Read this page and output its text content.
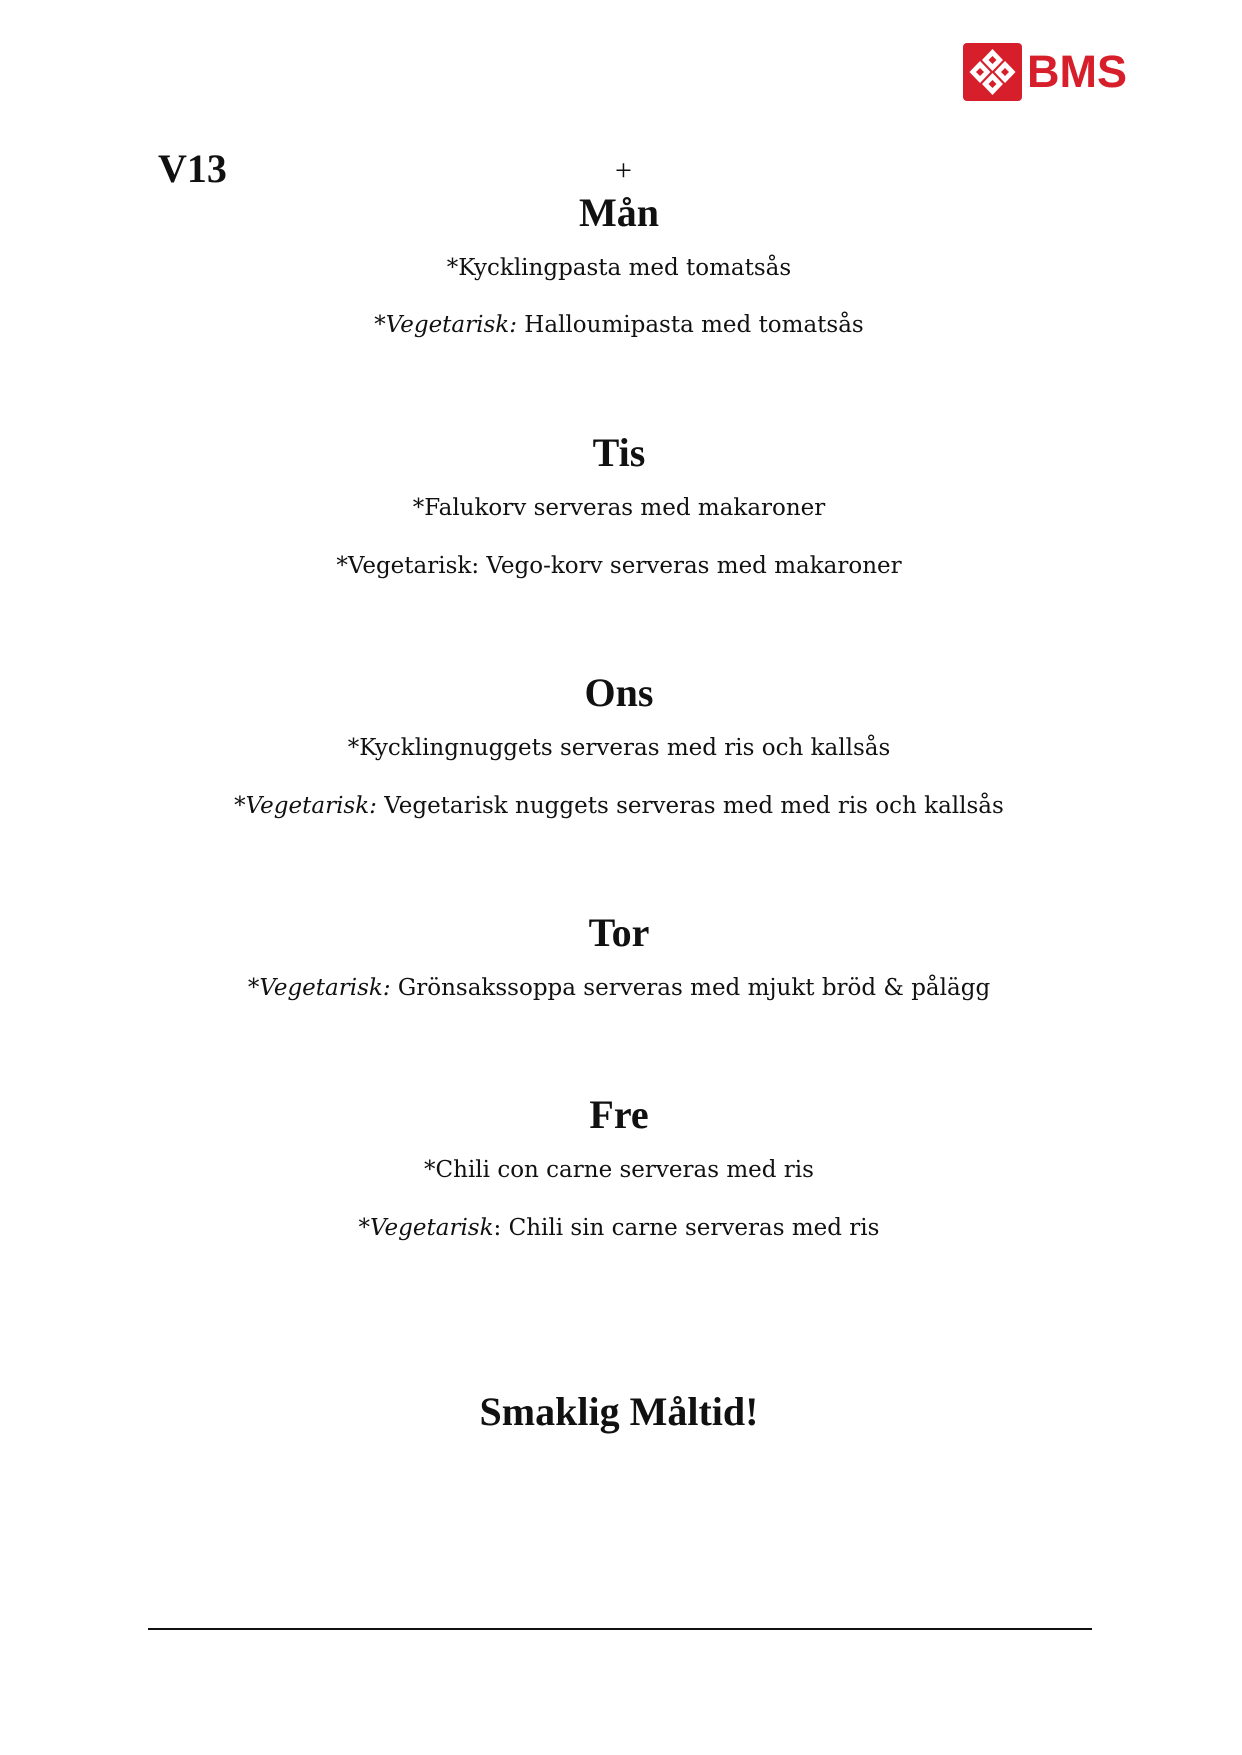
BMS
V13	+
Mån

*Kycklingpasta med tomatsås

*Vegetarisk: Halloumipasta med tomatsås

Tis

*Falukorv serveras med makaroner

*Vegetarisk: Vego-korv serveras med makaroner

Ons

*Kycklingnuggets serveras med ris och kallsås

*Vegetarisk: Vegetarisk nuggets serveras med med ris och kallsås

Tor

*Vegetarisk: Grönsakssoppa serveras med mjukt bröd & pålägg

Fre

*Chili con carne serveras med ris

*Vegetarisk: Chili sin carne serveras med ris

Smaklig Måltid!
